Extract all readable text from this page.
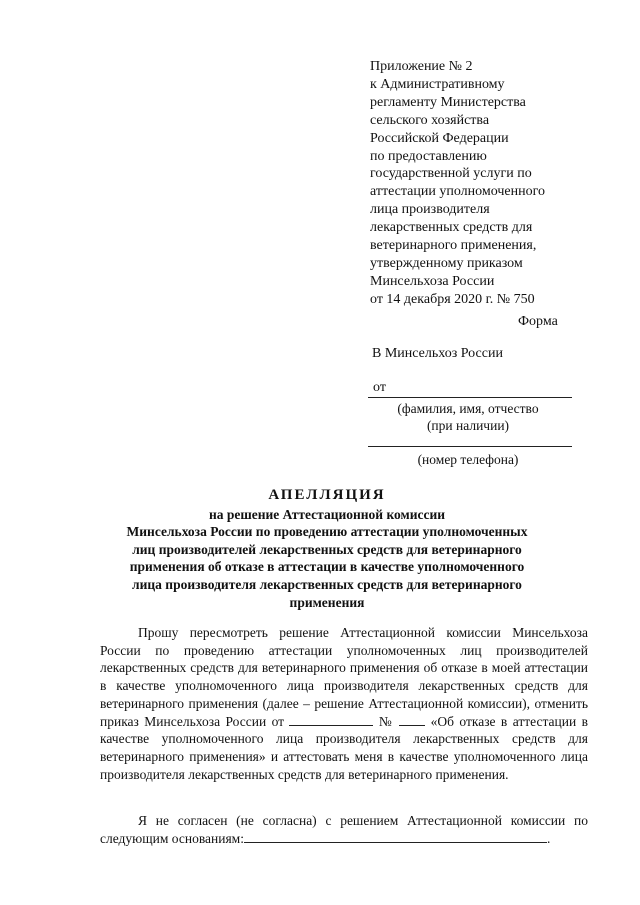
Приложение № 2
к Административному
регламенту Министерства
сельского хозяйства
Российской Федерации
по предоставлению
государственной услуги по
аттестации уполномоченного
лица производителя
лекарственных средств для
ветеринарного применения,
утвержденному приказом
Минсельхоза России
от 14 декабря 2020 г. № 750
Форма
В Минсельхоз России
от
(фамилия, имя, отчество
(при наличии)
(номер телефона)
АПЕЛЛЯЦИЯ
на решение Аттестационной комиссии
Минсельхоза России по проведению аттестации уполномоченных
лиц производителей лекарственных средств для ветеринарного
применения об отказе в аттестации в качестве уполномоченного
лица производителя лекарственных средств для ветеринарного
применения
Прошу пересмотреть решение Аттестационной комиссии Минсельхоза России по проведению аттестации уполномоченных лиц производителей лекарственных средств для ветеринарного применения об отказе в моей аттестации в качестве уполномоченного лица производителя лекарственных средств для ветеринарного применения (далее – решение Аттестационной комиссии), отменить приказ Минсельхоза России от	№	«Об отказе в аттестации в качестве уполномоченного лица производителя лекарственных средств для ветеринарного применения» и аттестовать меня в качестве уполномоченного лица производителя лекарственных средств для ветеринарного применения.
Я не согласен (не согласна) с решением Аттестационной комиссии по следующим основаниям:	.
